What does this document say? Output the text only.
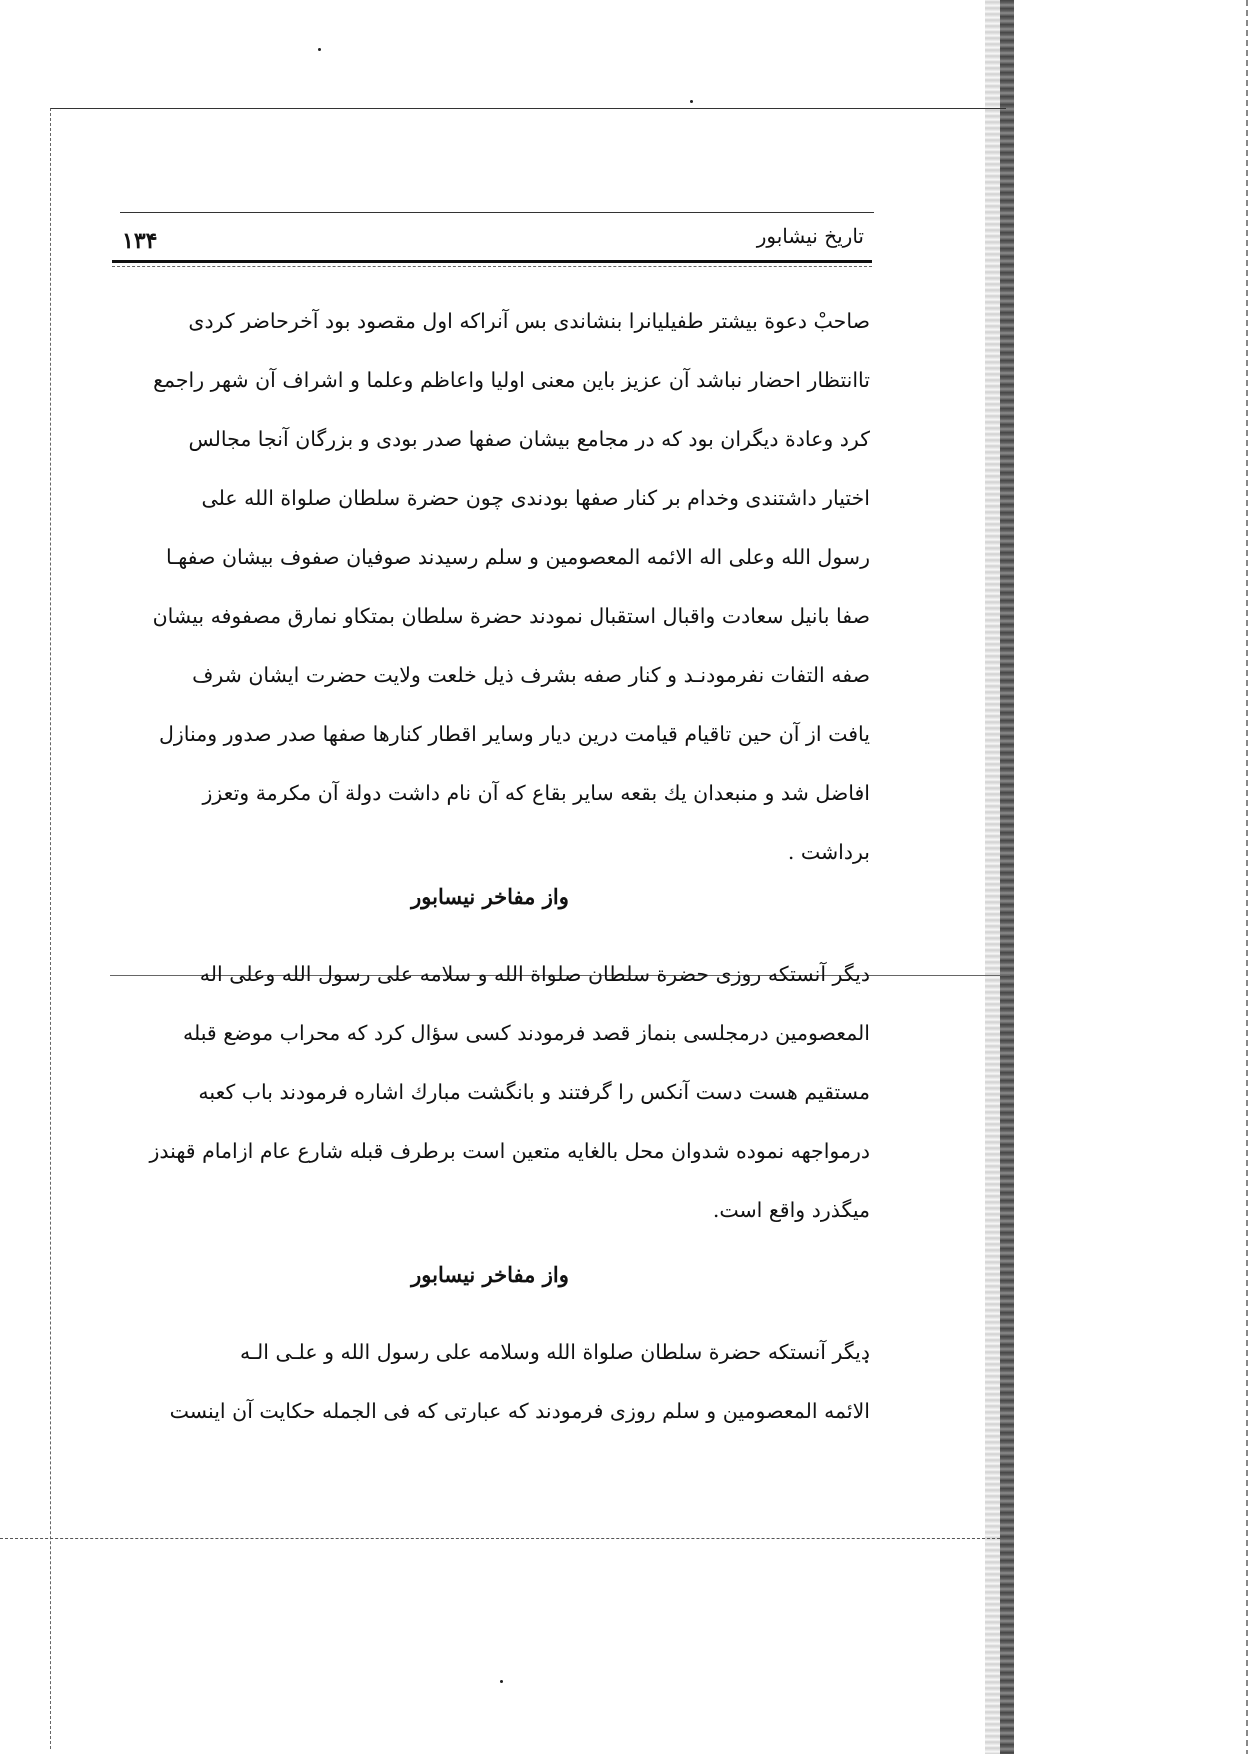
تاریخ نیشابور
۱۳۴

صاحبْ دعوة بیشتر طفیلیانرا بنشاندی بس آنراکه اول مقصود بود آخرحاضر کردی

تاانتظار احضار نباشد آن عزیز باین معنی اولیا واعاظم وعلما و اشراف آن شهر راجمع

کرد وعادة دیگران بود که در مجامع بیشان صفها صدر بودی و بزرگان آنجا مجالس

اختیار داشتندی وخدام بر کنار صفها بودندی چون حضرة سلطان صلواة الله علی

رسول الله وعلی اله الائمه المعصومین و سلم رسیدند صوفیان صفوف بیشان صفهـا

صفا بانیل سعادت واقبال استقبال نمودند حضرة سلطان بمتکاو نمارق مصفوفه بیشان

صفه التفات نفرمودنـد و کنار صفه بشرف ذیل خلعت ولایت حضرت ایشان شرف

یافت از آن حین تاقیام قیامت درین دیار وسایر اقطار کنارها صفها صدر صدور ومنازل

افاضل شد و منبعدان یك بقعه سایر بقاع که آن نام داشت دولة آن مکرمة وتعزز

برداشت .

واز مفاخر نیسابور

دیگر آنستکه روزی حضرة سلطان صلواة الله و سلامه علی رسول الله وعلی اله

المعصومین درمجلسی بنماز قصد فرمودند کسی سؤال کرد که محراب موضع قبله

مستقیم هست دست آنکس را گرفتند و بانگشت مبارك اشاره فرمودند باب کعبه

درمواجهه نموده شدوان محل بالغایه متعین است برطرف قبله شارع عام ازامام قهندز

میگذرد واقع است.

واز مفاخر نیسابور

دیگر آنستکه حضرة سلطان صلواة الله وسلامه علی رسول الله و علـی الـه

الائمه المعصومین و سلم روزی فرمودند که عبارتی که فی الجمله حکایت آن اینست
